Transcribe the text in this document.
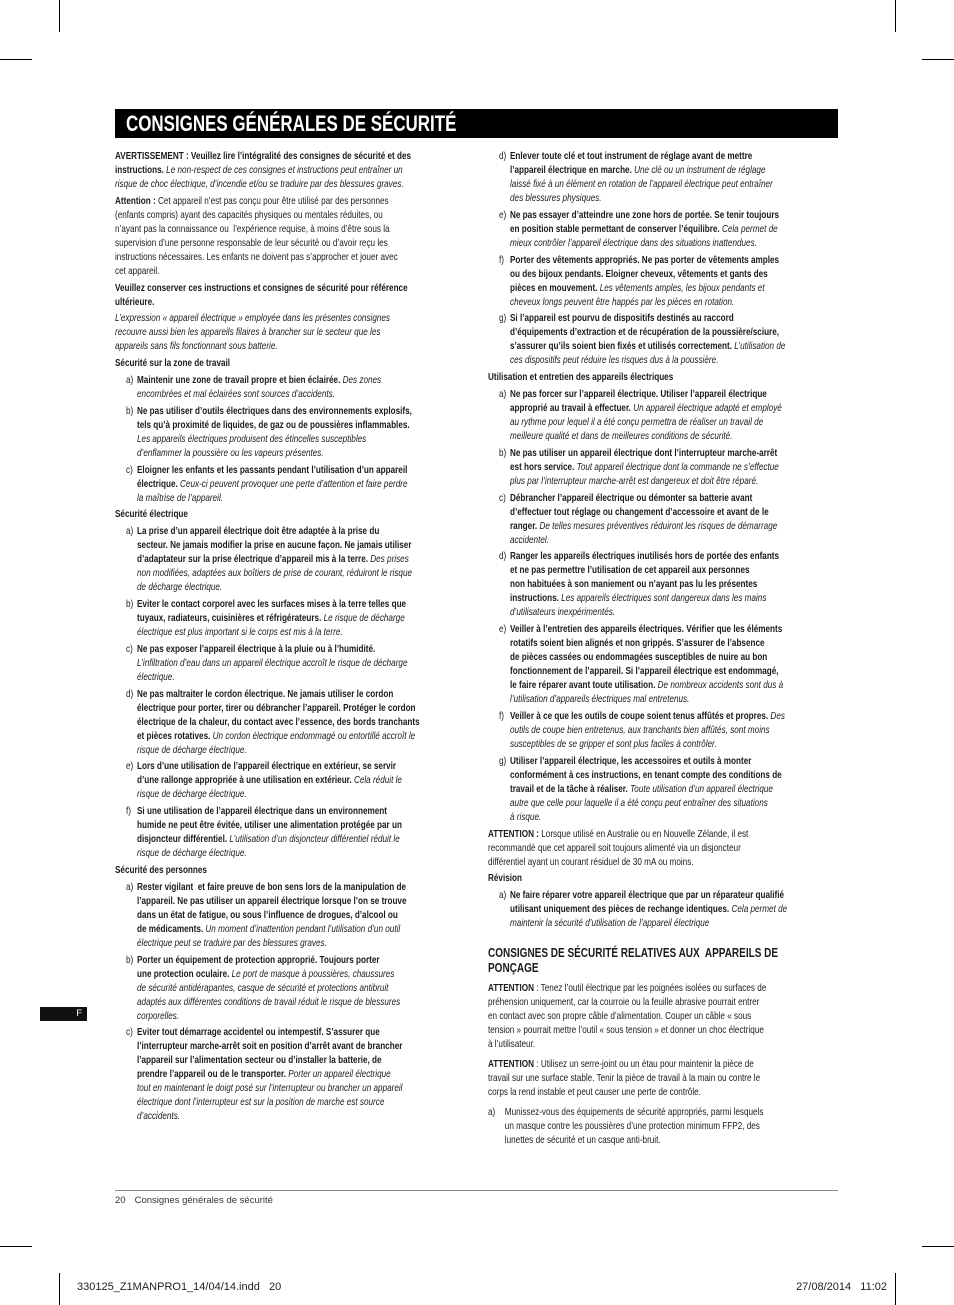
CONSIGNES GÉNÉRALES DE SÉCURITÉ
AVERTISSEMENT : Veuillez lire l’intégralité des consignes de sécurité et des
instructions. Le non-respect de ces consignes et instructions peut entraîner un
risque de choc électrique, d’incendie et/ou se traduire par des blessures graves.
Attention : Cet appareil n’est pas conçu pour être utilisé par des personnes
(enfants compris) ayant des capacités physiques ou mentales réduites, ou
n’ayant pas la connaissance ou  l’expérience requise, à moins d’être sous la
supervision d’une personne responsable de leur sécurité ou d’avoir reçu les
instructions nécessaires. Les enfants ne doivent pas s’approcher et jouer avec
cet appareil.
Veuillez conserver ces instructions et consignes de sécurité pour référence
ultérieure.
L’expression « appareil électrique » employée dans les présentes consignes
recouvre aussi bien les appareils filaires à brancher sur le secteur que les
appareils sans fils fonctionnant sous batterie.
Sécurité sur la zone de travail
a) Maintenir une zone de travail propre et bien éclairée. Des zones
encombrées et mal éclairées sont sources d’accidents.
b) Ne pas utiliser d’outils électriques dans des environnements explosifs,
tels qu’à proximité de liquides, de gaz ou de poussières inflammables.
Les appareils électriques produisent des étincelles susceptibles
d’enflammer la poussière ou les vapeurs présentes.
c) Eloigner les enfants et les passants pendant l’utilisation d’un appareil
électrique. Ceux-ci peuvent provoquer une perte d’attention et faire perdre
la maîtrise de l’appareil.
Sécurité électrique
a) La prise d’un appareil électrique doit être adaptée à la prise du
secteur. Ne jamais modifier la prise en aucune façon. Ne jamais utiliser
d’adaptateur sur la prise électrique d’appareil mis à la terre. Des prises
non modifiées, adaptées aux boîtiers de prise de courant, réduiront le risque
de décharge électrique.
b) Eviter le contact corporel avec les surfaces mises à la terre telles que
tuyaux, radiateurs, cuisinières et réfrigérateurs. Le risque de décharge
électrique est plus important si le corps est mis à la terre.
c) Ne pas exposer l’appareil électrique à la pluie ou à l’humidité.
L’infiltration d’eau dans un appareil électrique accroît le risque de décharge
électrique.
d) Ne pas maltraiter le cordon électrique. Ne jamais utiliser le cordon
électrique pour porter, tirer ou débrancher l’appareil. Protéger le cordon
électrique de la chaleur, du contact avec l’essence, des bords tranchants
et pièces rotatives. Un cordon électrique endommagé ou entortillé accroît le
risque de décharge électrique.
e) Lors d’une utilisation de l’appareil électrique en extérieur, se servir
d’une rallonge appropriée à une utilisation en extérieur. Cela réduit le
risque de décharge électrique.
f) Si une utilisation de l’appareil électrique dans un environnement
humide ne peut être évitée, utiliser une alimentation protégée par un
disjoncteur différentiel. L’utilisation d’un disjoncteur différentiel réduit le
risque de décharge électrique.
Sécurité des personnes
a) Rester vigilant  et faire preuve de bon sens lors de la manipulation de
l’appareil. Ne pas utiliser un appareil électrique lorsque l’on se trouve
dans un état de fatigue, ou sous l’influence de drogues, d’alcool ou
de médicaments. Un moment d’inattention pendant l’utilisation d’un outil
électrique peut se traduire par des blessures graves.
b) Porter un équipement de protection approprié. Toujours porter
une protection oculaire. Le port de masque à poussières, chaussures
de sécurité antidérapantes, casque de sécurité et protections antibruit
adaptés aux différentes conditions de travail réduit le risque de blessures
corporelles.
c) Eviter tout démarrage accidentel ou intempestif. S’assurer que
l’interrupteur marche-arrêt soit en position d’arrêt avant de brancher
l’appareil sur l’alimentation secteur ou d’installer la batterie, de
prendre l’appareil ou de le transporter. Porter un appareil électrique
tout en maintenant le doigt posé sur l’interrupteur ou brancher un appareil
électrique dont l’interrupteur est sur la position de marche est source
d’accidents.
d) Enlever toute clé et tout instrument de réglage avant de mettre
l’appareil électrique en marche. Une clé ou un instrument de réglage
laissé fixé à un élément en rotation de l’appareil électrique peut entraîner
des blessures physiques.
e) Ne pas essayer d’atteindre une zone hors de portée. Se tenir toujours
en position stable permettant de conserver l’équilibre. Cela permet de
mieux contrôler l’appareil électrique dans des situations inattendues.
f) Porter des vêtements appropriés. Ne pas porter de vêtements amples
ou des bijoux pendants. Eloigner cheveux, vêtements et gants des
pièces en mouvement. Les vêtements amples, les bijoux pendants et
cheveux longs peuvent être happés par les pièces en rotation.
g) Si l’appareil est pourvu de dispositifs destinés au raccord
d’équipements d’extraction et de récupération de la poussière/sciure,
s’assurer qu’ils soient bien fixés et utilisés correctement. L’utilisation de
ces dispositifs peut réduire les risques dus à la poussière.
Utilisation et entretien des appareils électriques
a) Ne pas forcer sur l’appareil électrique. Utiliser l’appareil électrique
approprié au travail à effectuer. Un appareil électrique adapté et employé
au rythme pour lequel il a été conçu permettra de réaliser un travail de
meilleure qualité et dans de meilleures conditions de sécurité.
b) Ne pas utiliser un appareil électrique dont l’interrupteur marche-arrêt
est hors service. Tout appareil électrique dont la commande ne s’effectue
plus par l’interrupteur marche-arrêt est dangereux et doit être réparé.
c) Débrancher l’appareil électrique ou démonter sa batterie avant
d’effectuer tout réglage ou changement d’accessoire et avant de le
ranger. De telles mesures préventives réduiront les risques de démarrage
accidentel.
d) Ranger les appareils électriques inutilisés hors de portée des enfants
et ne pas permettre l’utilisation de cet appareil aux personnes
non habituées à son maniement ou n’ayant pas lu les présentes
instructions. Les appareils électriques sont dangereux dans les mains
d’utilisateurs inexpérimentés.
e) Veiller à l’entretien des appareils électriques. Vérifier que les éléments
rotatifs soient bien alignés et non grippés. S’assurer de l’absence
de pièces cassées ou endommagées susceptibles de nuire au bon
fonctionnement de l’appareil. Si l’appareil électrique est endommagé,
le faire réparer avant toute utilisation. De nombreux accidents sont dus à
l’utilisation d’appareils électriques mal entretenus.
f) Veiller à ce que les outils de coupe soient tenus affûtés et propres. Des
outils de coupe bien entretenus, aux tranchants bien affûtés, sont moins
susceptibles de se gripper et sont plus faciles à contrôler.
g) Utiliser l’appareil électrique, les accessoires et outils à monter
conformément à ces instructions, en tenant compte des conditions de
travail et de la tâche à réaliser. Toute utilisation d’un appareil électrique
autre que celle pour laquelle il a été conçu peut entraîner des situations
à risque.
ATTENTION : Lorsque utilisé en Australie ou en Nouvelle Zélande, il est
recommandé que cet appareil soit toujours alimenté via un disjoncteur
différentiel ayant un courant résiduel de 30 mA ou moins.
Révision
a) Ne faire réparer votre appareil électrique que par un réparateur qualifié
utilisant uniquement des pièces de rechange identiques. Cela permet de
maintenir la sécurité d’utilisation de l’appareil électrique
CONSIGNES DE SÉCURITÉ RELATIVES AUX  APPAREILS DE
PONÇAGE
ATTENTION : Tenez l’outil électrique par les poignées isolées ou surfaces de
préhension uniquement, car la courroie ou la feuille abrasive pourrait entrer
en contact avec son propre câble d’alimentation. Couper un câble « sous
tension » pourrait mettre l’outil « sous tension » et donner un choc électrique
à l’utilisateur.
ATTENTION : Utilisez un serre-joint ou un étau pour maintenir la pièce de
travail sur une surface stable. Tenir la pièce de travail à la main ou contre le
corps la rend instable et peut causer une perte de contrôle.
a) Munissez-vous des équipements de sécurité appropriés, parmi lesquels
un masque contre les poussières d’une protection minimum FFP2, des
lunettes de sécurité et un casque anti-bruit.
F
20 Consignes générales de sécurité
330125_Z1MANPRO1_14/04/14.indd   20	27/08/2014   11:02
